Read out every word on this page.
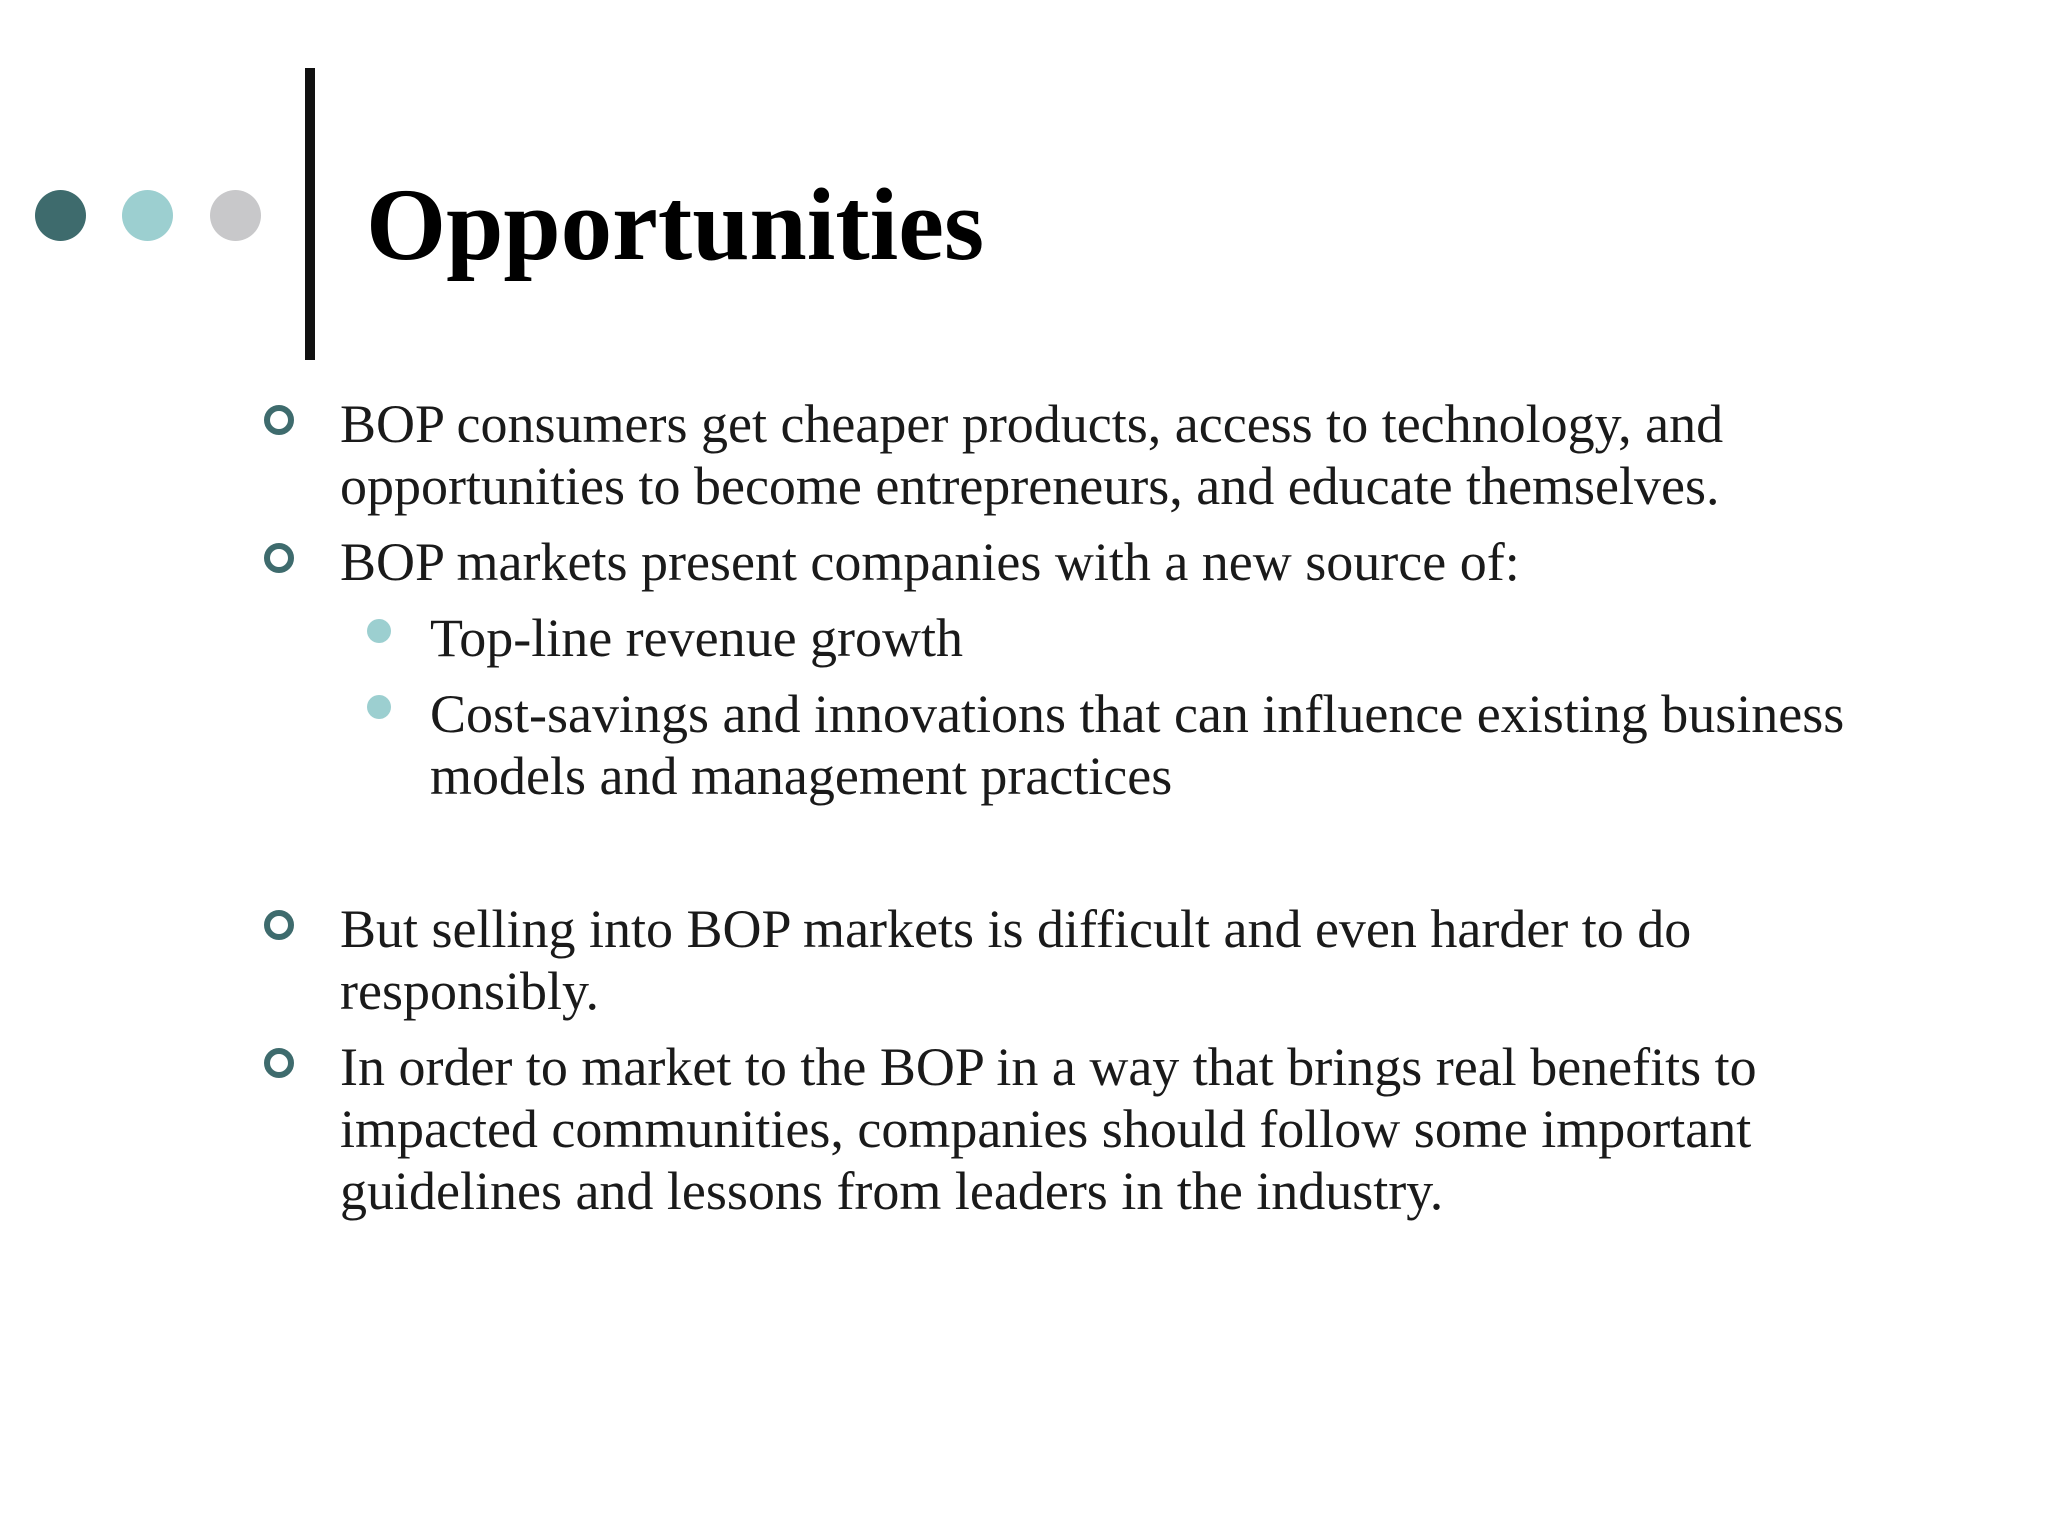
Opportunities
BOP consumers get cheaper products, access to technology, and opportunities to become entrepreneurs, and educate themselves.
BOP markets present companies with a new source of:
Top-line revenue growth
Cost-savings and innovations that can influence existing business models and management practices
But selling into BOP markets is difficult and even harder to do responsibly.
In order to market to the BOP in a way that brings real benefits to impacted communities, companies should follow some important guidelines and lessons from leaders in the industry.
